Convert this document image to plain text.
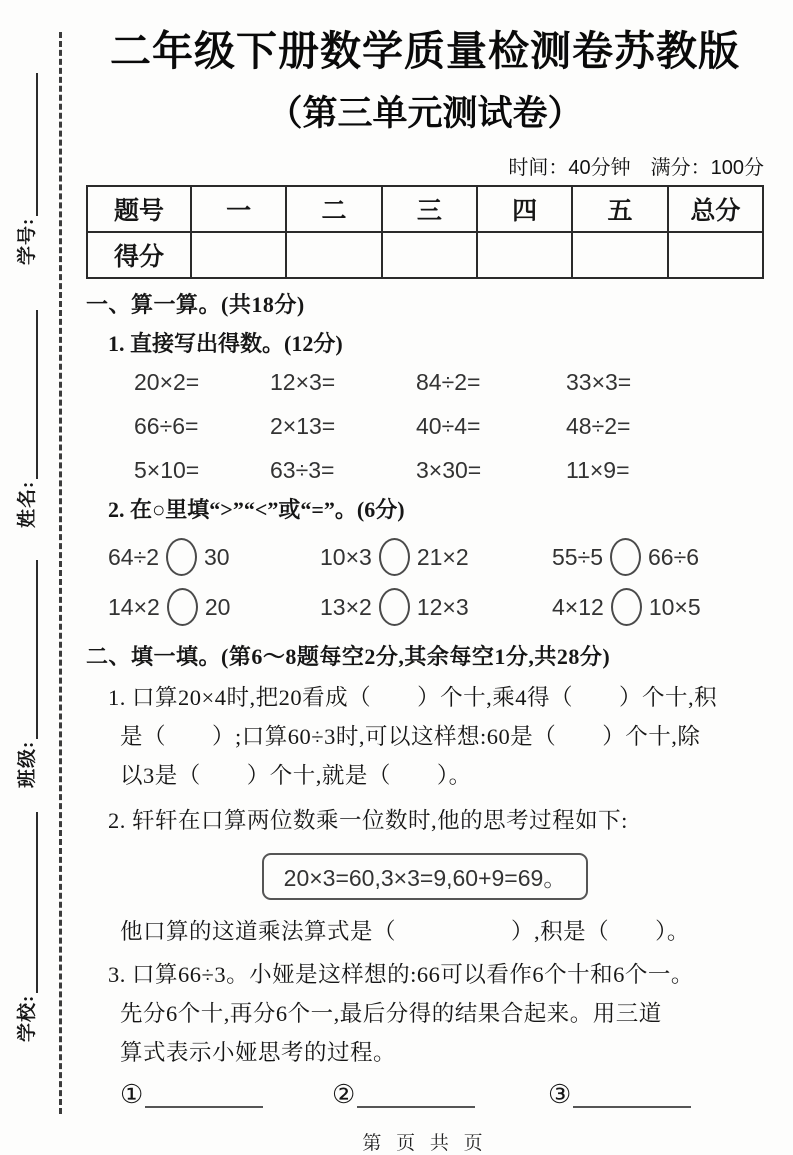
学号:
姓名:
班级:
学校:
二年级下册数学质量检测卷苏教版
（第三单元测试卷）
时间：40分钟　满分：100分
题号	一	二	三	四	五	总分
得分						
一、算一算。(共18分)
1. 直接写出得数。(12分)
20×2=	12×3=	84÷2=	33×3=
66÷6=	2×13=	40÷4=	48÷2=
5×10=	63÷3=	3×30=	11×9=
2. 在○里填“>”“<”或“=”。(6分)
64÷2 30	10×3 21×2	55÷5 66÷6
14×2 20	13×2 12×3	4×12 10×5
二、填一填。(第6～8题每空2分,其余每空1分,共28分)
1. 口算20×4时,把20看成（　　）个十,乘4得（　　）个十,积
是（　　）;口算60÷3时,可以这样想:60是（　　）个十,除
以3是（　　）个十,就是（　　）。
2. 轩轩在口算两位数乘一位数时,他的思考过程如下:
20×3=60,3×3=9,60+9=69。
他口算的这道乘法算式是（　　　　　）,积是（　　）。
3. 口算66÷3。小娅是这样想的:66可以看作6个十和6个一。
先分6个十,再分6个一,最后分得的结果合起来。用三道
算式表示小娅思考的过程。
①	②	③
第 页 共 页
